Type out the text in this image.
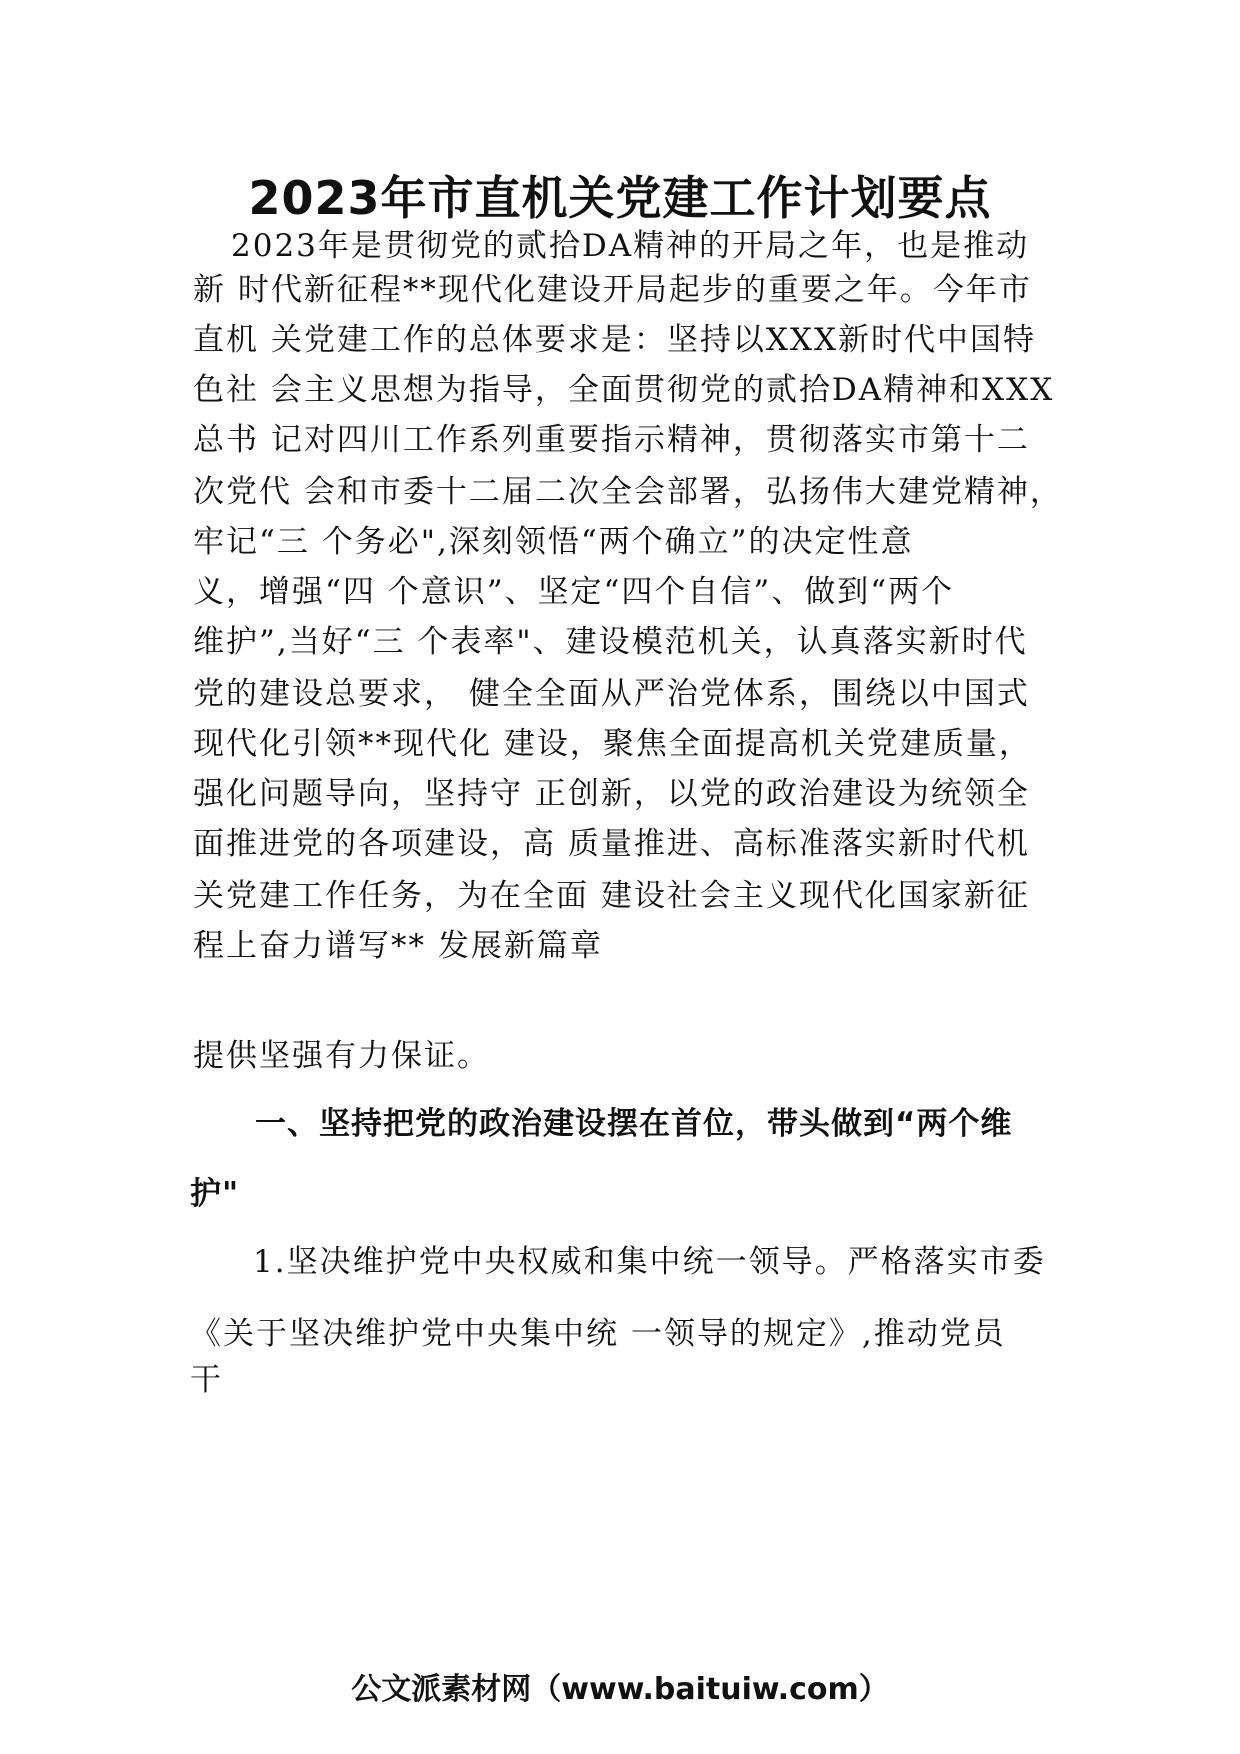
2023年市直机关党建工作计划要点
2023年是贯彻党的贰拾DA精神的开局之年，也是推动
新 时代新征程**现代化建设开局起步的重要之年。今年市
直机 关党建工作的总体要求是：坚持以XXX新时代中国特
色社 会主义思想为指导，全面贯彻党的贰拾DA精神和XXX
总书 记对四川工作系列重要指示精神，贯彻落实市第十二
次党代 会和市委十二届二次全会部署，弘扬伟大建党精神，
牢记“三 个务必",深刻领悟“两个确立”的决定性意
义，增强“四 个意识”、坚定“四个自信”、做到“两个
维护”,当好“三 个表率"、建设模范机关，认真落实新时代
党的建设总要求， 健全全面从严治党体系，围绕以中国式
现代化引领**现代化 建设，聚焦全面提高机关党建质量，
强化问题导向，坚持守 正创新，以党的政治建设为统领全
面推进党的各项建设，高 质量推进、高标准落实新时代机
关党建工作任务，为在全面 建设社会主义现代化国家新征
程上奋力谱写** 发展新篇章
提供坚强有力保证。
一、坚持把党的政治建设摆在首位，带头做到“两个维
护"
1.坚决维护党中央权威和集中统一领导。严格落实市委
《关于坚决维护党中央集中统 一领导的规定》,推动党员
干
公文派素材网（www.baituiw.com）
